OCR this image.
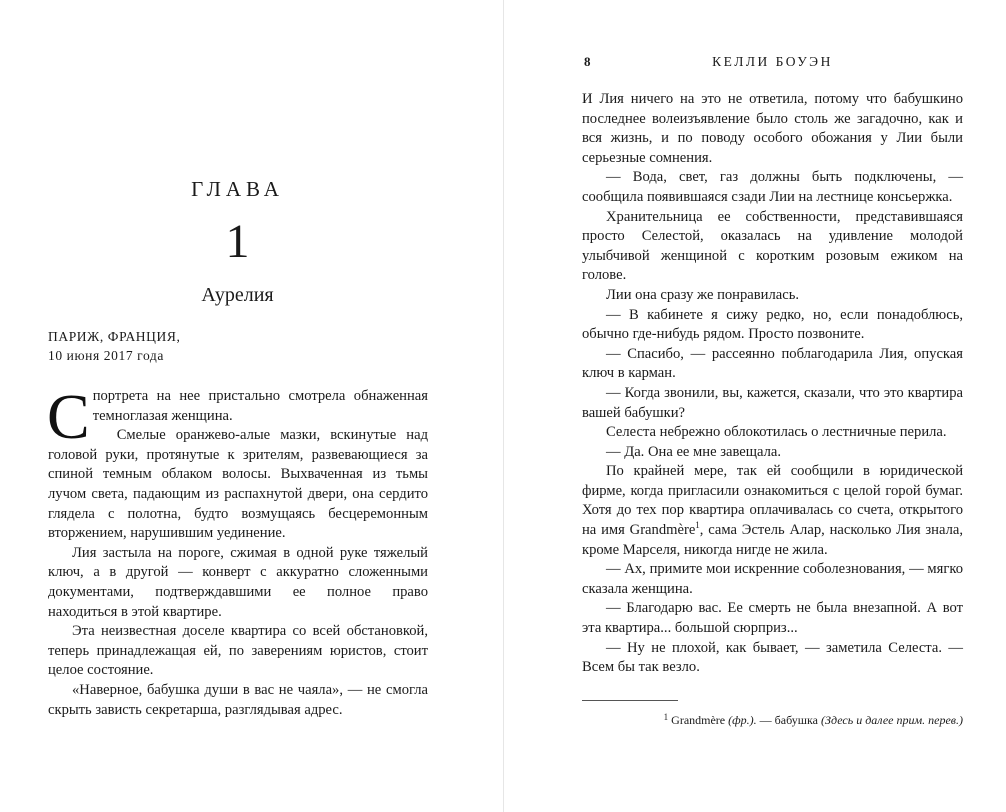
ГЛАВА
1
Аурелия
ПАРИЖ, ФРАНЦИЯ,
10 июня 2017 года

Спортрета на нее пристально смотрела обнаженная темноглазая женщина.

Смелые оранжево-алые мазки, вскинутые над головой руки, протянутые к зрителям, развевающиеся за спиной темным облаком волосы. Выхваченная из тьмы лучом света, падающим из распахнутой двери, она сердито глядела с полотна, будто возмущаясь бесцеремонным вторжением, нарушившим уединение.

Лия застыла на пороге, сжимая в одной руке тяжелый ключ, а в другой — конверт с аккуратно сложенными документами, подтверждавшими ее полное право находиться в этой квартире.

Эта неизвестная доселе квартира со всей обстановкой, теперь принадлежащая ей, по заверениям юристов, стоит целое состояние.

«Наверное, бабушка души в вас не чаяла», — не смогла скрыть зависть секретарша, разглядывая адрес.

8	КЕЛЛИ БОУЭН

И Лия ничего на это не ответила, потому что бабушкино последнее волеизъявление было столь же загадочно, как и вся жизнь, и по поводу особого обожания у Лии были серьезные сомнения.

— Вода, свет, газ должны быть подключены, — сообщила появившаяся сзади Лии на лестнице консьержка.

Хранительница ее собственности, представившаяся просто Селестой, оказалась на удивление молодой улыбчивой женщиной с коротким розовым ежиком на голове.

Лии она сразу же понравилась.

— В кабинете я сижу редко, но, если понадоблюсь, обычно где-нибудь рядом. Просто позвоните.

— Спасибо, — рассеянно поблагодарила Лия, опуская ключ в карман.

— Когда звонили, вы, кажется, сказали, что это квартира вашей бабушки?

Селеста небрежно облокотилась о лестничные перила.

— Да. Она ее мне завещала.

По крайней мере, так ей сообщили в юридической фирме, когда пригласили ознакомиться с целой горой бумаг. Хотя до тех пор квартира оплачивалась со счета, открытого на имя Grandmère$^1$, сама Эстель Алар, насколько Лия знала, кроме Марселя, никогда нигде не жила.

— Ах, примите мои искренние соболезнования, — мягко сказала женщина.

— Благодарю вас. Ее смерть не была внезапной. А вот эта квартира... большой сюрприз...

— Ну не плохой, как бывает, — заметила Селеста. — Всем бы так везло.

$^1$ Grandmère (фр.). — бабушка (Здесь и далее прим. перев.)
